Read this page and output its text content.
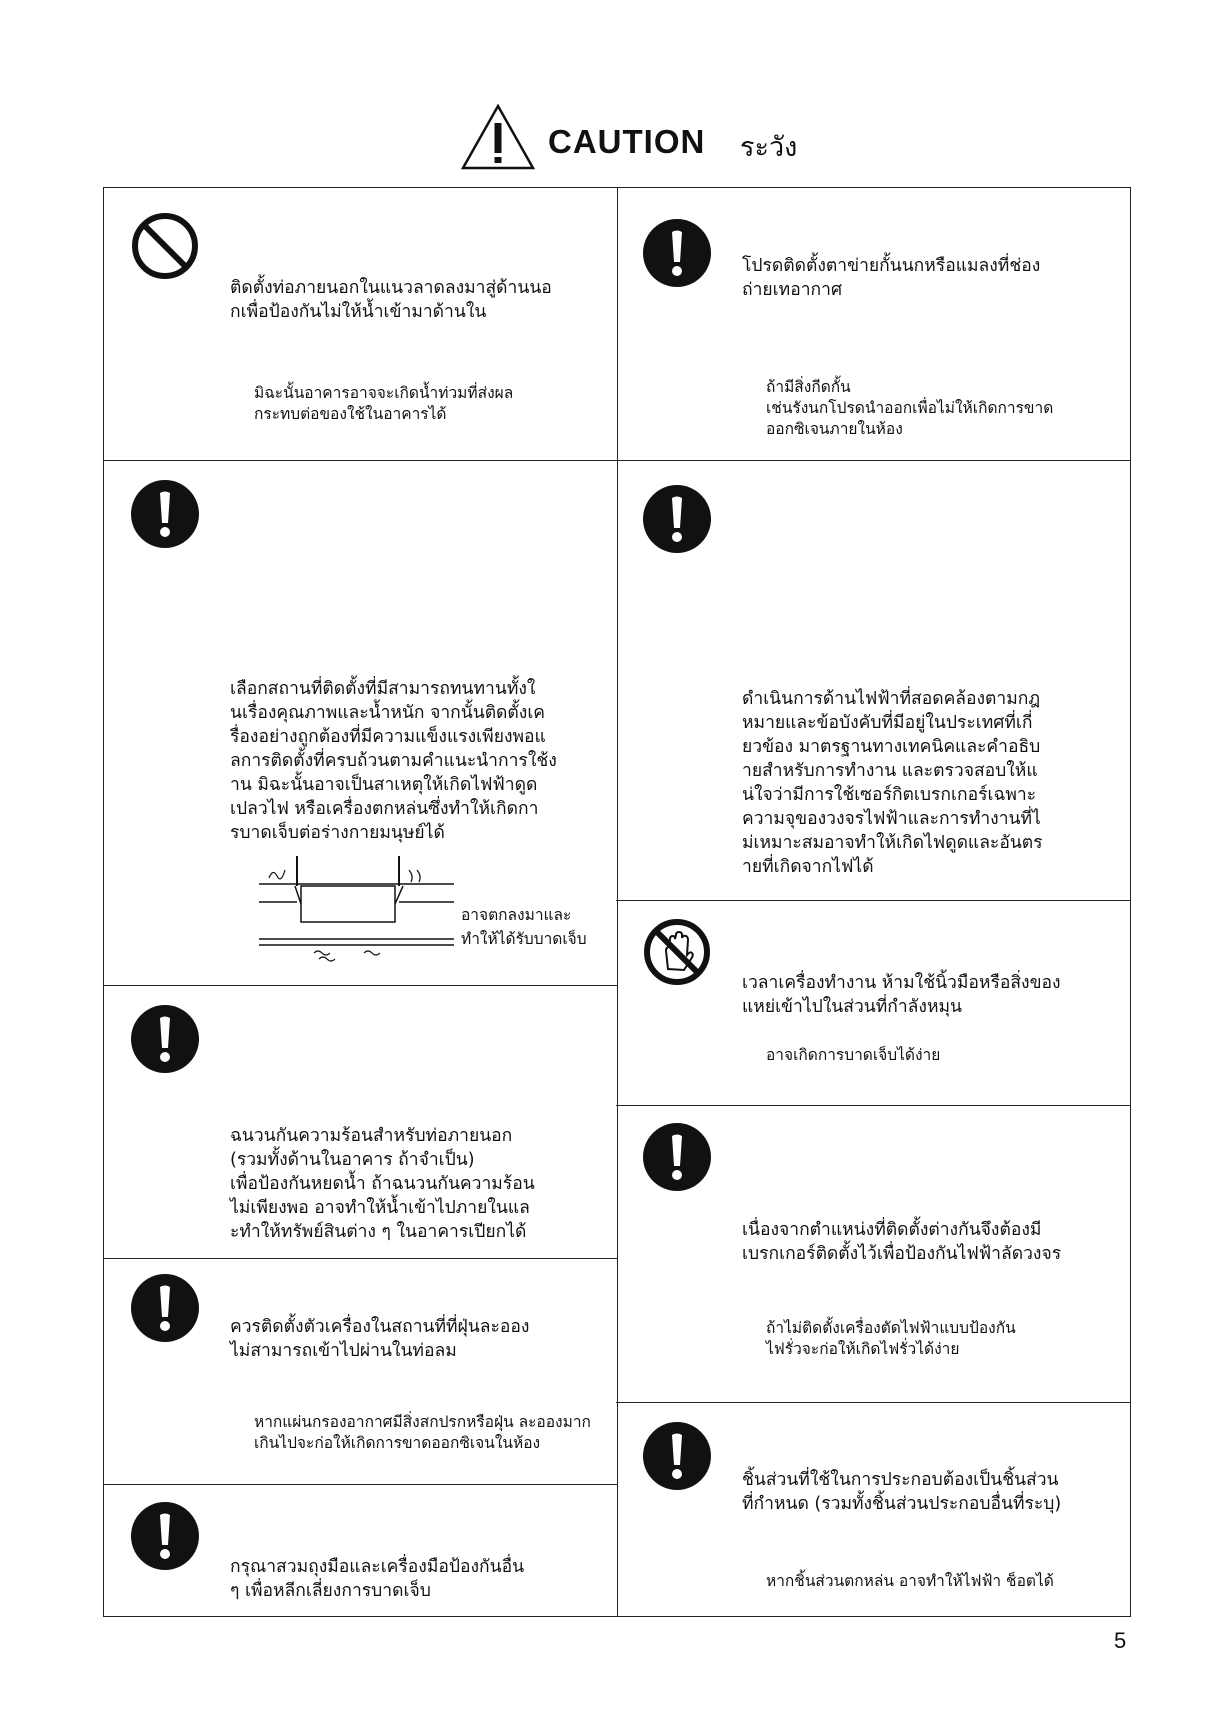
CAUTION ระวัง
ติดตั้งท่อภายนอกในแนวลาดลงมาสู่ด้านนอ
กเพื่อป้องกันไม่ให้น้ำเข้ามาด้านใน
มิฉะนั้นอาคารอาจจะเกิดน้ำท่วมที่ส่งผล
กระทบต่อของใช้ในอาคารได้
เลือกสถานที่ติดตั้งที่มีสามารถทนทานทั้งใ
นเรื่องคุณภาพและน้ำหนัก จากนั้นติดตั้งเค
รื่องอย่างถูกต้องที่มีความแข็งแรงเพียงพอแ
ลการติดตั้งที่ครบถ้วนตามคำแนะนำการใช้ง
าน มิฉะนั้นอาจเป็นสาเหตุให้เกิดไฟฟ้าดูด
เปลวไฟ หรือเครื่องตกหล่นซึ่งทำให้เกิดกา
รบาดเจ็บต่อร่างกายมนุษย์ได้
อาจตกลงมาและ
ทำให้ได้รับบาดเจ็บ
ฉนวนกันความร้อนสำหรับท่อภายนอก
(รวมทั้งด้านในอาคาร ถ้าจำเป็น)
เพื่อป้องกันหยดน้ำ ถ้าฉนวนกันความร้อน
ไม่เพียงพอ อาจทำให้น้ำเข้าไปภายในแล
ะทำให้ทรัพย์สินต่าง ๆ ในอาคารเปียกได้
ควรติดตั้งตัวเครื่องในสถานที่ที่ฝุ่นละออง
ไม่สามารถเข้าไปผ่านในท่อลม
หากแผ่นกรองอากาศมีสิ่งสกปรกหรือฝุ่น ละอองมาก
เกินไปจะก่อให้เกิดการขาดออกซิเจนในห้อง
กรุณาสวมถุงมือและเครื่องมือป้องกันอื่น
ๆ เพื่อหลีกเลี่ยงการบาดเจ็บ
โปรดติดตั้งตาข่ายกั้นนกหรือแมลงที่ช่อง
ถ่ายเทอากาศ
ถ้ามีสิ่งกีดกั้น
เช่นรังนกโปรดนำออกเพื่อไม่ให้เกิดการขาด
ออกซิเจนภายในห้อง
ดำเนินการด้านไฟฟ้าที่สอดคล้องตามกฎ
หมายและข้อบังคับที่มีอยู่ในประเทศที่เกี่
ยวข้อง มาตรฐานทางเทคนิคและคำอธิบ
ายสำหรับการทำงาน และตรวจสอบให้แ
น่ใจว่ามีการใช้เซอร์กิตเบรกเกอร์เฉพาะ
ความจุของวงจรไฟฟ้าและการทำงานที่ไ
ม่เหมาะสมอาจทำให้เกิดไฟดูดและอันตร
ายที่เกิดจากไฟได้
เวลาเครื่องทำงาน ห้ามใช้นิ้วมือหรือสิ่งของ
แหย่เข้าไปในส่วนที่กำลังหมุน
อาจเกิดการบาดเจ็บได้ง่าย
เนื่องจากตำแหน่งที่ติดตั้งต่างกันจึงต้องมี
เบรกเกอร์ติดตั้งไว้เพื่อป้องกันไฟฟ้าลัดวงจร
ถ้าไม่ติดตั้งเครื่องตัดไฟฟ้าแบบป้องกัน
ไฟรั่วจะก่อให้เกิดไฟรั่วได้ง่าย
ชิ้นส่วนที่ใช้ในการประกอบต้องเป็นชิ้นส่วน
ที่กำหนด (รวมทั้งชิ้นส่วนประกอบอื่นที่ระบุ)
หากชิ้นส่วนตกหล่น อาจทำให้ไฟฟ้า ช็อตได้
5
